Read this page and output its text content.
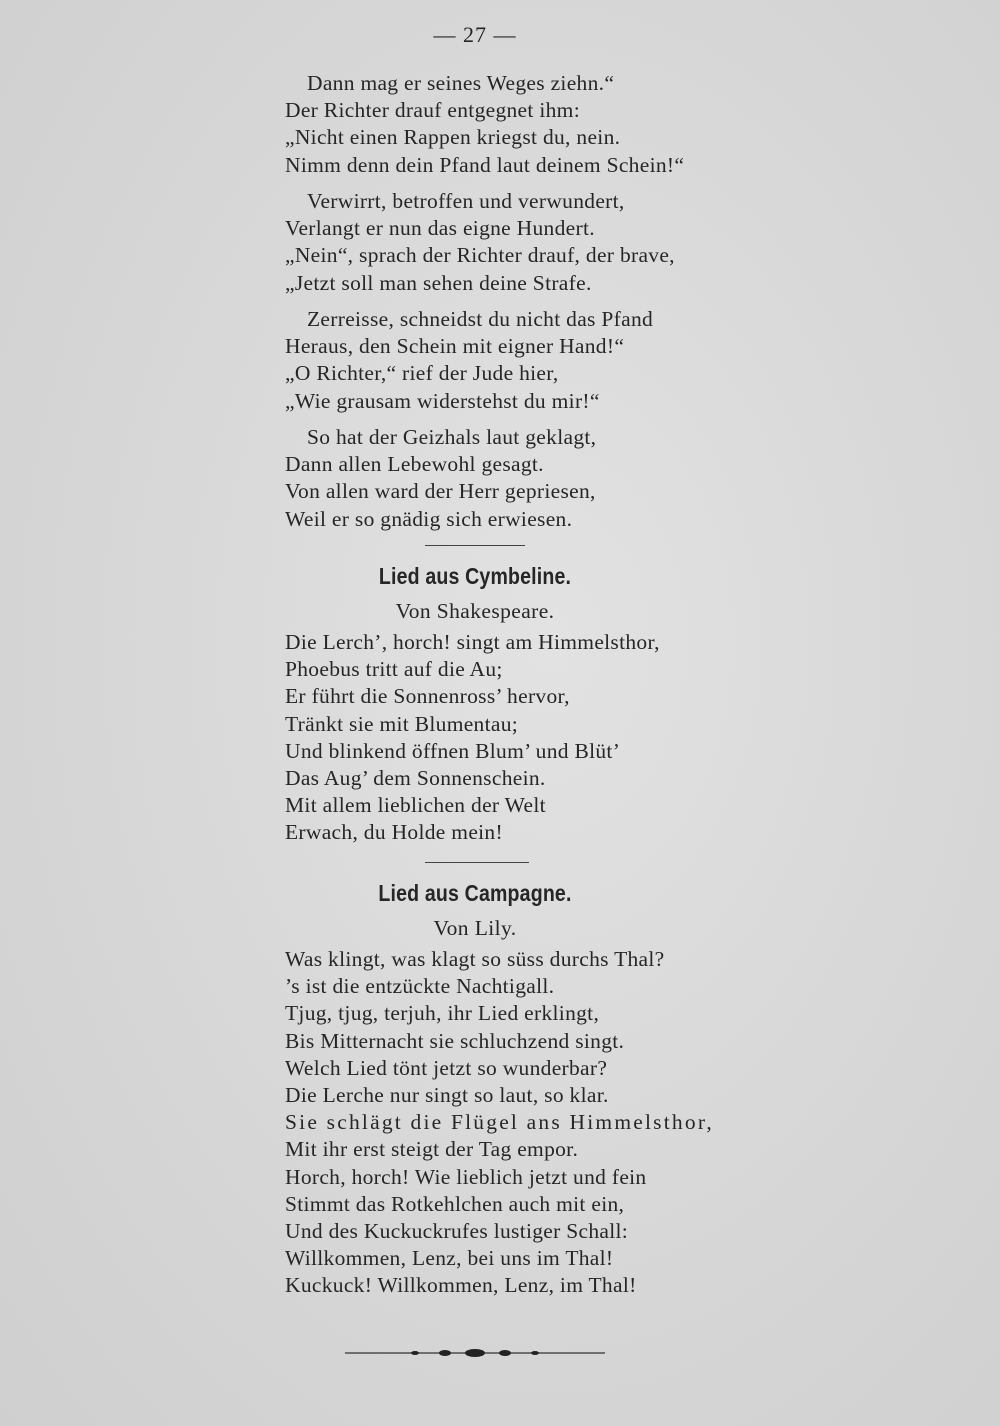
— 27 —
Dann mag er seines Weges ziehn.“
Der Richter drauf entgegnet ihm:
„Nicht einen Rappen kriegst du, nein.
Nimm denn dein Pfand laut deinem Schein!“
Verwirrt, betroffen und verwundert,
Verlangt er nun das eigne Hundert.
„Nein“, sprach der Richter drauf, der brave,
„Jetzt soll man sehen deine Strafe.
Zerreisse, schneidst du nicht das Pfand
Heraus, den Schein mit eigner Hand!“
„O Richter,“ rief der Jude hier,
„Wie grausam widerstehst du mir!“
So hat der Geizhals laut geklagt,
Dann allen Lebewohl gesagt.
Von allen ward der Herr gepriesen,
Weil er so gnädig sich erwiesen.
Lied aus Cymbeline.
Von Shakespeare.
Die Lerch’, horch! singt am Himmelsthor,
Phoebus tritt auf die Au;
Er führt die Sonnenross’ hervor,
Tränkt sie mit Blumentau;
Und blinkend öffnen Blum’ und Blüt’
Das Aug’ dem Sonnenschein.
Mit allem lieblichen der Welt
Erwach, du Holde mein!
Lied aus Campagne.
Von Lily.
Was klingt, was klagt so süss durchs Thal?
’s ist die entzückte Nachtigall.
Tjug, tjug, terjuh, ihr Lied erklingt,
Bis Mitternacht sie schluchzend singt.
Welch Lied tönt jetzt so wunderbar?
Die Lerche nur singt so laut, so klar.
Sie schlägt die Flügel ans Himmelsthor,
Mit ihr erst steigt der Tag empor.
Horch, horch! Wie lieblich jetzt und fein
Stimmt das Rotkehlchen auch mit ein,
Und des Kuckuckrufes lustiger Schall:
Willkommen, Lenz, bei uns im Thal!
Kuckuck! Willkommen, Lenz, im Thal!
